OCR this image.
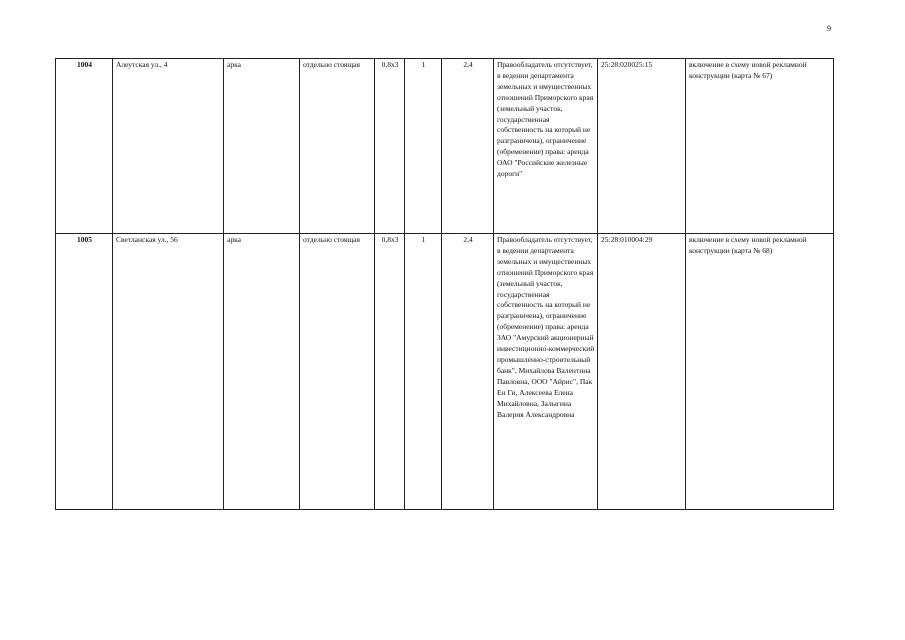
9
1004	Алеутская ул., 4	арка	отдельно стоящая	0,8х3	1	2,4	Правообладатель отсутствует, в ведении департамента земельных и имущественных отношений Приморского края (земельный участок, государственная собственность на который не разграничена), ограничение (обременение) права: аренда ОАО "Российские железные дороги"	25:28:020025:15	включение в схему новой рекламной конструкции (карта № 67)
1005	Светланская ул., 56	арка	отдельно стоящая	0,8х3	1	2,4	Правообладатель отсутствует, в ведении департамента земельных и имущественных отношений Приморского края (земельный участок, государственная собственность на который не разграничена), ограничение (обременение) права: аренда ЗАО "Амурский акционерный инвестиционно-коммерческий промышленно-строительный банк", Михайлова Валентина Павловна, ООО "Айрис", Пак Ен Ги, Алексеева Елена Михайловна, Залыгина Валерия Александровна	25:28:010004:29	включение в схему новой рекламной конструкции (карта № 68)
